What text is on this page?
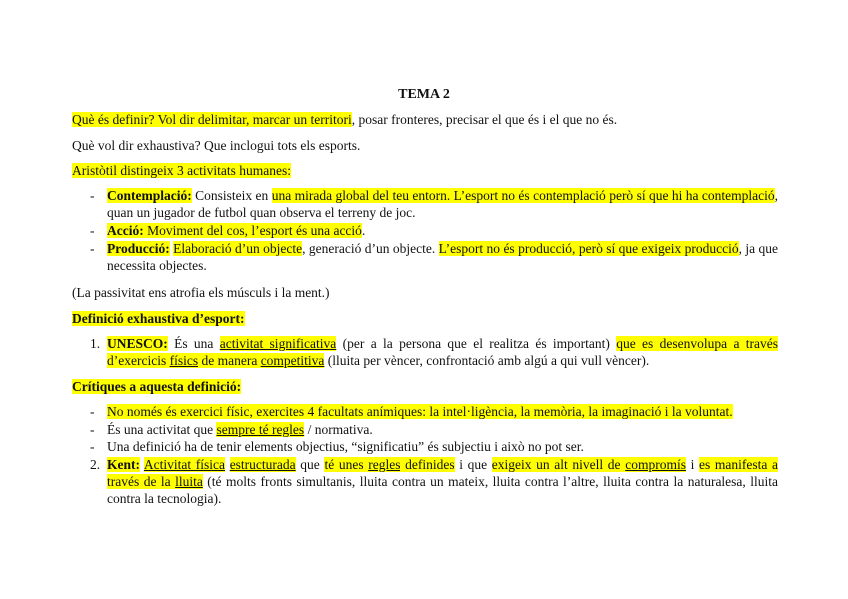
TEMA 2
Què és definir? Vol dir delimitar, marcar un territori, posar fronteres, precisar el que és i el que no és.
Què vol dir exhaustiva? Que inclogui tots els esports.
Aristòtil distingeix 3 activitats humanes:
- Contemplació: Consisteix en una mirada global del teu entorn. L’esport no és contemplació però sí que hi ha contemplació, quan un jugador de futbol quan observa el terreny de joc.
- Acció: Moviment del cos, l’esport és una acció.
- Producció: Elaboració d’un objecte, generació d’un objecte. L’esport no és producció, però sí que exigeix producció, ja que necessita objectes.
(La passivitat ens atrofia els músculs i la ment.)
Definició exhaustiva d’esport:
1. UNESCO: És una activitat significativa (per a la persona que el realitza és important) que es desenvolupa a través d’exercicis físics de manera competitiva (lluita per vèncer, confrontació amb algú a qui vull vèncer).
Crítiques a aquesta definició:
- No només és exercici físic, exercites 4 facultats anímiques: la intel·ligència, la memòria, la imaginació i la voluntat.
- És una activitat que sempre té regles / normativa.
- Una definició ha de tenir elements objectius, “significatiu” és subjectiu i això no pot ser.
2. Kent: Activitat física estructurada que té unes regles definides i que exigeix un alt nivell de compromís i es manifesta a través de la lluita (té molts fronts simultanis, lluita contra un mateix, lluita contra l’altre, lluita contra la naturalesa, lluita contra la tecnologia).
